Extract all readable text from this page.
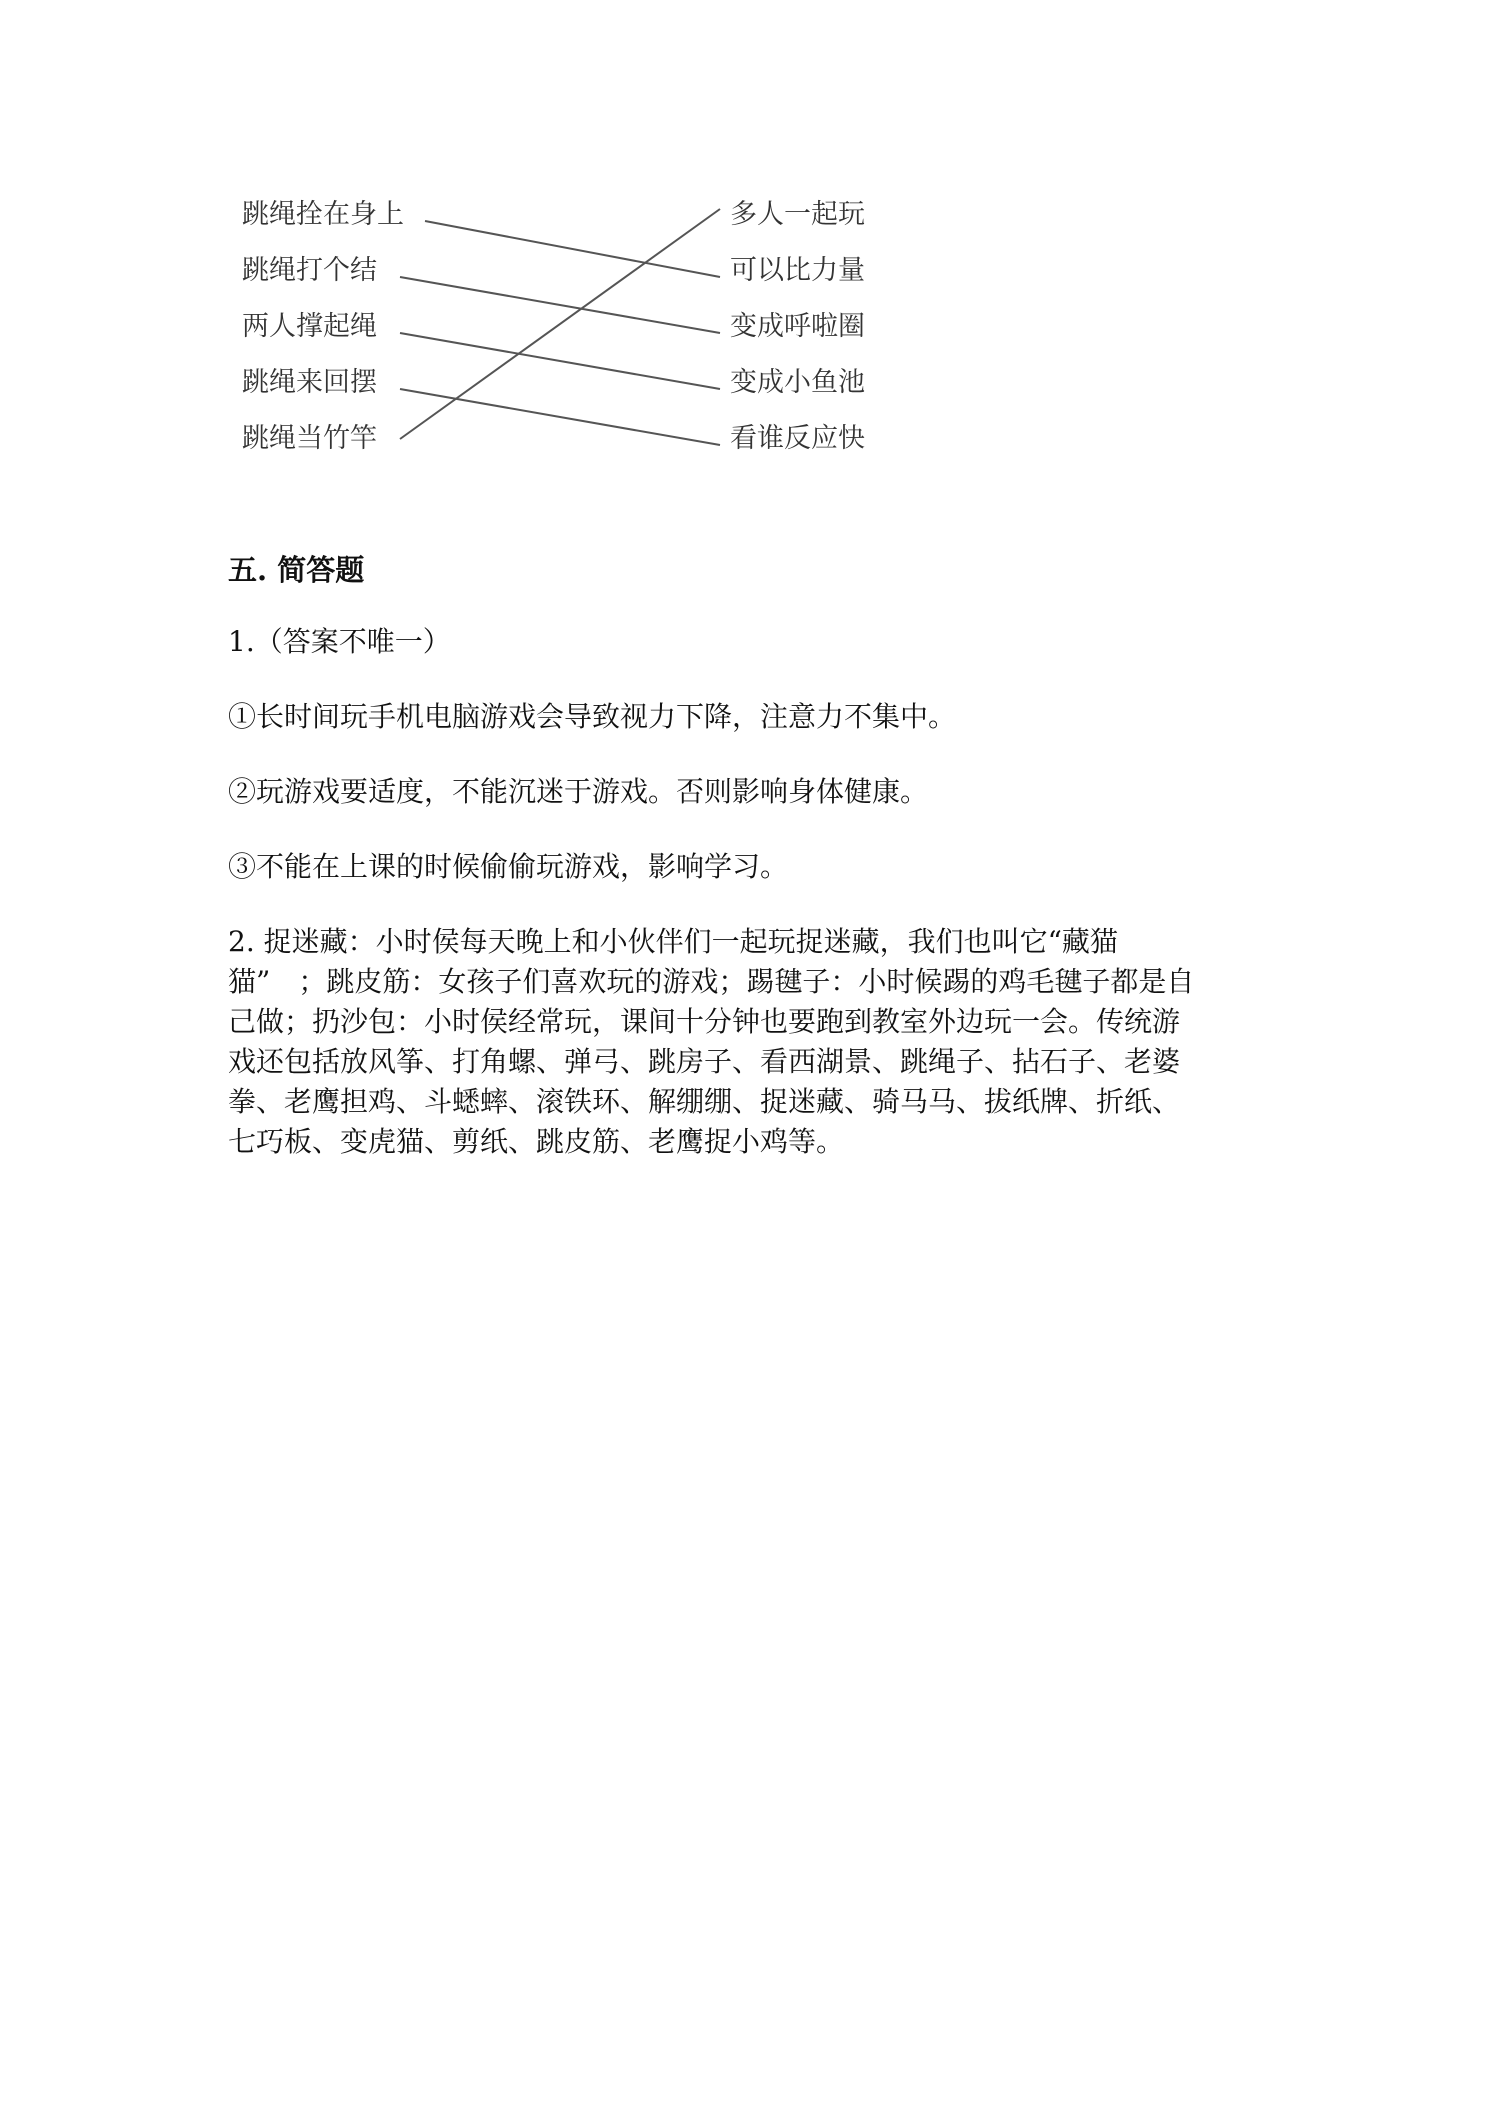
跳绳拴在身上
跳绳打个结
两人撑起绳
跳绳来回摆
跳绳当竹竿
多人一起玩
可以比力量
变成呼啦圈
变成小鱼池
看谁反应快
五. 简答题

1.（答案不唯一）

①长时间玩手机电脑游戏会导致视力下降，注意力不集中。

②玩游戏要适度，不能沉迷于游戏。否则影响身体健康。

③不能在上课的时候偷偷玩游戏，影响学习。

2. 捉迷藏：小时侯每天晚上和小伙伴们一起玩捉迷藏，我们也叫它“藏猫

猫”　；跳皮筋：女孩子们喜欢玩的游戏；踢毽子：小时候踢的鸡毛毽子都是自

己做；扔沙包：小时侯经常玩，课间十分钟也要跑到教室外边玩一会。传统游

戏还包括放风筝、打角螺、弹弓、跳房子、看西湖景、跳绳子、拈石子、老婆

拳、老鹰担鸡、斗蟋蟀、滚铁环、解绷绷、捉迷藏、骑马马、拔纸牌、折纸、

七巧板、变虎猫、剪纸、跳皮筋、老鹰捉小鸡等。
